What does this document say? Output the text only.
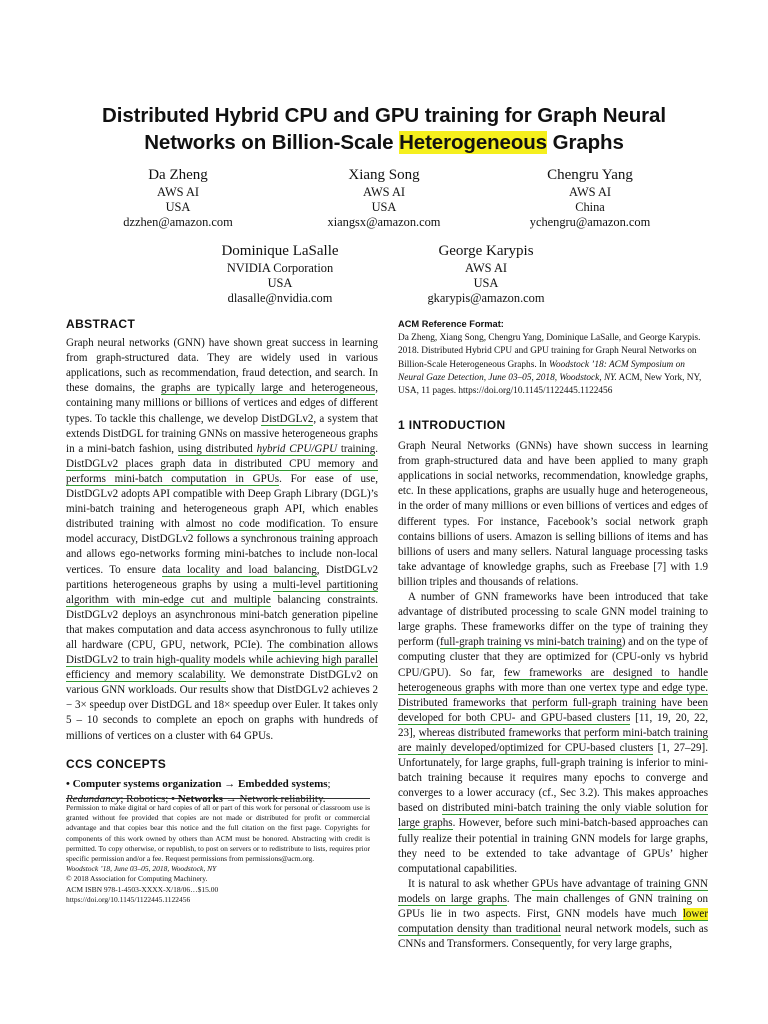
Distributed Hybrid CPU and GPU training for Graph Neural
Networks on Billion-Scale Heterogeneous Graphs
Da Zheng
AWS AI
USA
dzzhen@amazon.com
Xiang Song
AWS AI
USA
xiangsx@amazon.com
Chengru Yang
AWS AI
China
ychengru@amazon.com
Dominique LaSalle
NVIDIA Corporation
USA
dlasalle@nvidia.com
George Karypis
AWS AI
USA
gkarypis@amazon.com
ABSTRACT

Graph neural networks (GNN) have shown great success in learning from graph-structured data. They are widely used in various applications, such as recommendation, fraud detection, and search. In these domains, the graphs are typically large and heterogeneous, containing many millions or billions of vertices and edges of different types. To tackle this challenge, we develop DistDGLv2, a system that extends DistDGL for training GNNs on massive heterogeneous graphs in a mini-batch fashion, using distributed hybrid CPU/GPU training. DistDGLv2 places graph data in distributed CPU memory and performs mini-batch computation in GPUs. For ease of use, DistDGLv2 adopts API compatible with Deep Graph Library (DGL)’s mini-batch training and heterogeneous graph API, which enables distributed training with almost no code modification. To ensure model accuracy, DistDGLv2 follows a synchronous training approach and allows ego-networks forming mini-batches to include non-local vertices. To ensure data locality and load balancing, DistDGLv2 partitions heterogeneous graphs by using a multi-level partitioning algorithm with min-edge cut and multiple balancing constraints. DistDGLv2 deploys an asynchronous mini-batch generation pipeline that makes computation and data access asynchronous to fully utilize all hardware (CPU, GPU, network, PCIe). The combination allows DistDGLv2 to train high-quality models while achieving high parallel efficiency and memory scalability. We demonstrate DistDGLv2 on various GNN workloads. Our results show that DistDGLv2 achieves 2 − 3× speedup over DistDGL and 18× speedup over Euler. It takes only 5 – 10 seconds to complete an epoch on graphs with hundreds of millions of vertices on a cluster with 64 GPUs.

CCS CONCEPTS

• Computer systems organization → Embedded systems; Redundancy; Robotics; • Networks → Network reliability.

Permission to make digital or hard copies of all or part of this work for personal or classroom use is granted without fee provided that copies are not made or distributed for profit or commercial advantage and that copies bear this notice and the full citation on the first page. Copyrights for components of this work owned by others than ACM must be honored. Abstracting with credit is permitted. To copy otherwise, or republish, to post on servers or to redistribute to lists, requires prior specific permission and/or a fee. Request permissions from permissions@acm.org.
Woodstock ’18, June 03–05, 2018, Woodstock, NY
© 2018 Association for Computing Machinery.
ACM ISBN 978-1-4503-XXXX-X/18/06…$15.00
https://doi.org/10.1145/1122445.1122456
ACM Reference Format:
Da Zheng, Xiang Song, Chengru Yang, Dominique LaSalle, and George Karypis. 2018. Distributed Hybrid CPU and GPU training for Graph Neural Networks on Billion-Scale Heterogeneous Graphs. In Woodstock ’18: ACM Symposium on Neural Gaze Detection, June 03–05, 2018, Woodstock, NY. ACM, New York, NY, USA, 11 pages. https://doi.org/10.1145/1122445.1122456
1 INTRODUCTION

Graph Neural Networks (GNNs) have shown success in learning from graph-structured data and have been applied to many graph applications in social networks, recommendation, knowledge graphs, etc. In these applications, graphs are usually huge and heterogeneous, in the order of many millions or even billions of vertices and edges of different types. For instance, Facebook’s social network graph contains billions of users. Amazon is selling billions of items and has billions of users and many sellers. Natural language processing tasks take advantage of knowledge graphs, such as Freebase [7] with 1.9 billion triples and thousands of relations.

A number of GNN frameworks have been introduced that take advantage of distributed processing to scale GNN model training to large graphs. These frameworks differ on the type of training they perform (full-graph training vs mini-batch training) and on the type of computing cluster that they are optimized for (CPU-only vs hybrid CPU/GPU). So far, few frameworks are designed to handle heterogeneous graphs with more than one vertex type and edge type. Distributed frameworks that perform full-graph training have been developed for both CPU- and GPU-based clusters [11, 19, 20, 22, 23], whereas distributed frameworks that perform mini-batch training are mainly developed/optimized for CPU-based clusters [1, 27–29]. Unfortunately, for large graphs, full-graph training is inferior to mini-batch training because it requires many epochs to converge and converges to a lower accuracy (cf., Sec 3.2). This makes approaches based on distributed mini-batch training the only viable solution for large graphs. However, before such mini-batch-based approaches can fully realize their potential in training GNN models for large graphs, they need to be extended to take advantage of GPUs’ higher computational capabilities.

It is natural to ask whether GPUs have advantage of training GNN models on large graphs. The main challenges of GNN training on GPUs lie in two aspects. First, GNN models have much lower computation density than traditional neural network models, such as CNNs and Transformers. Consequently, for very large graphs,
